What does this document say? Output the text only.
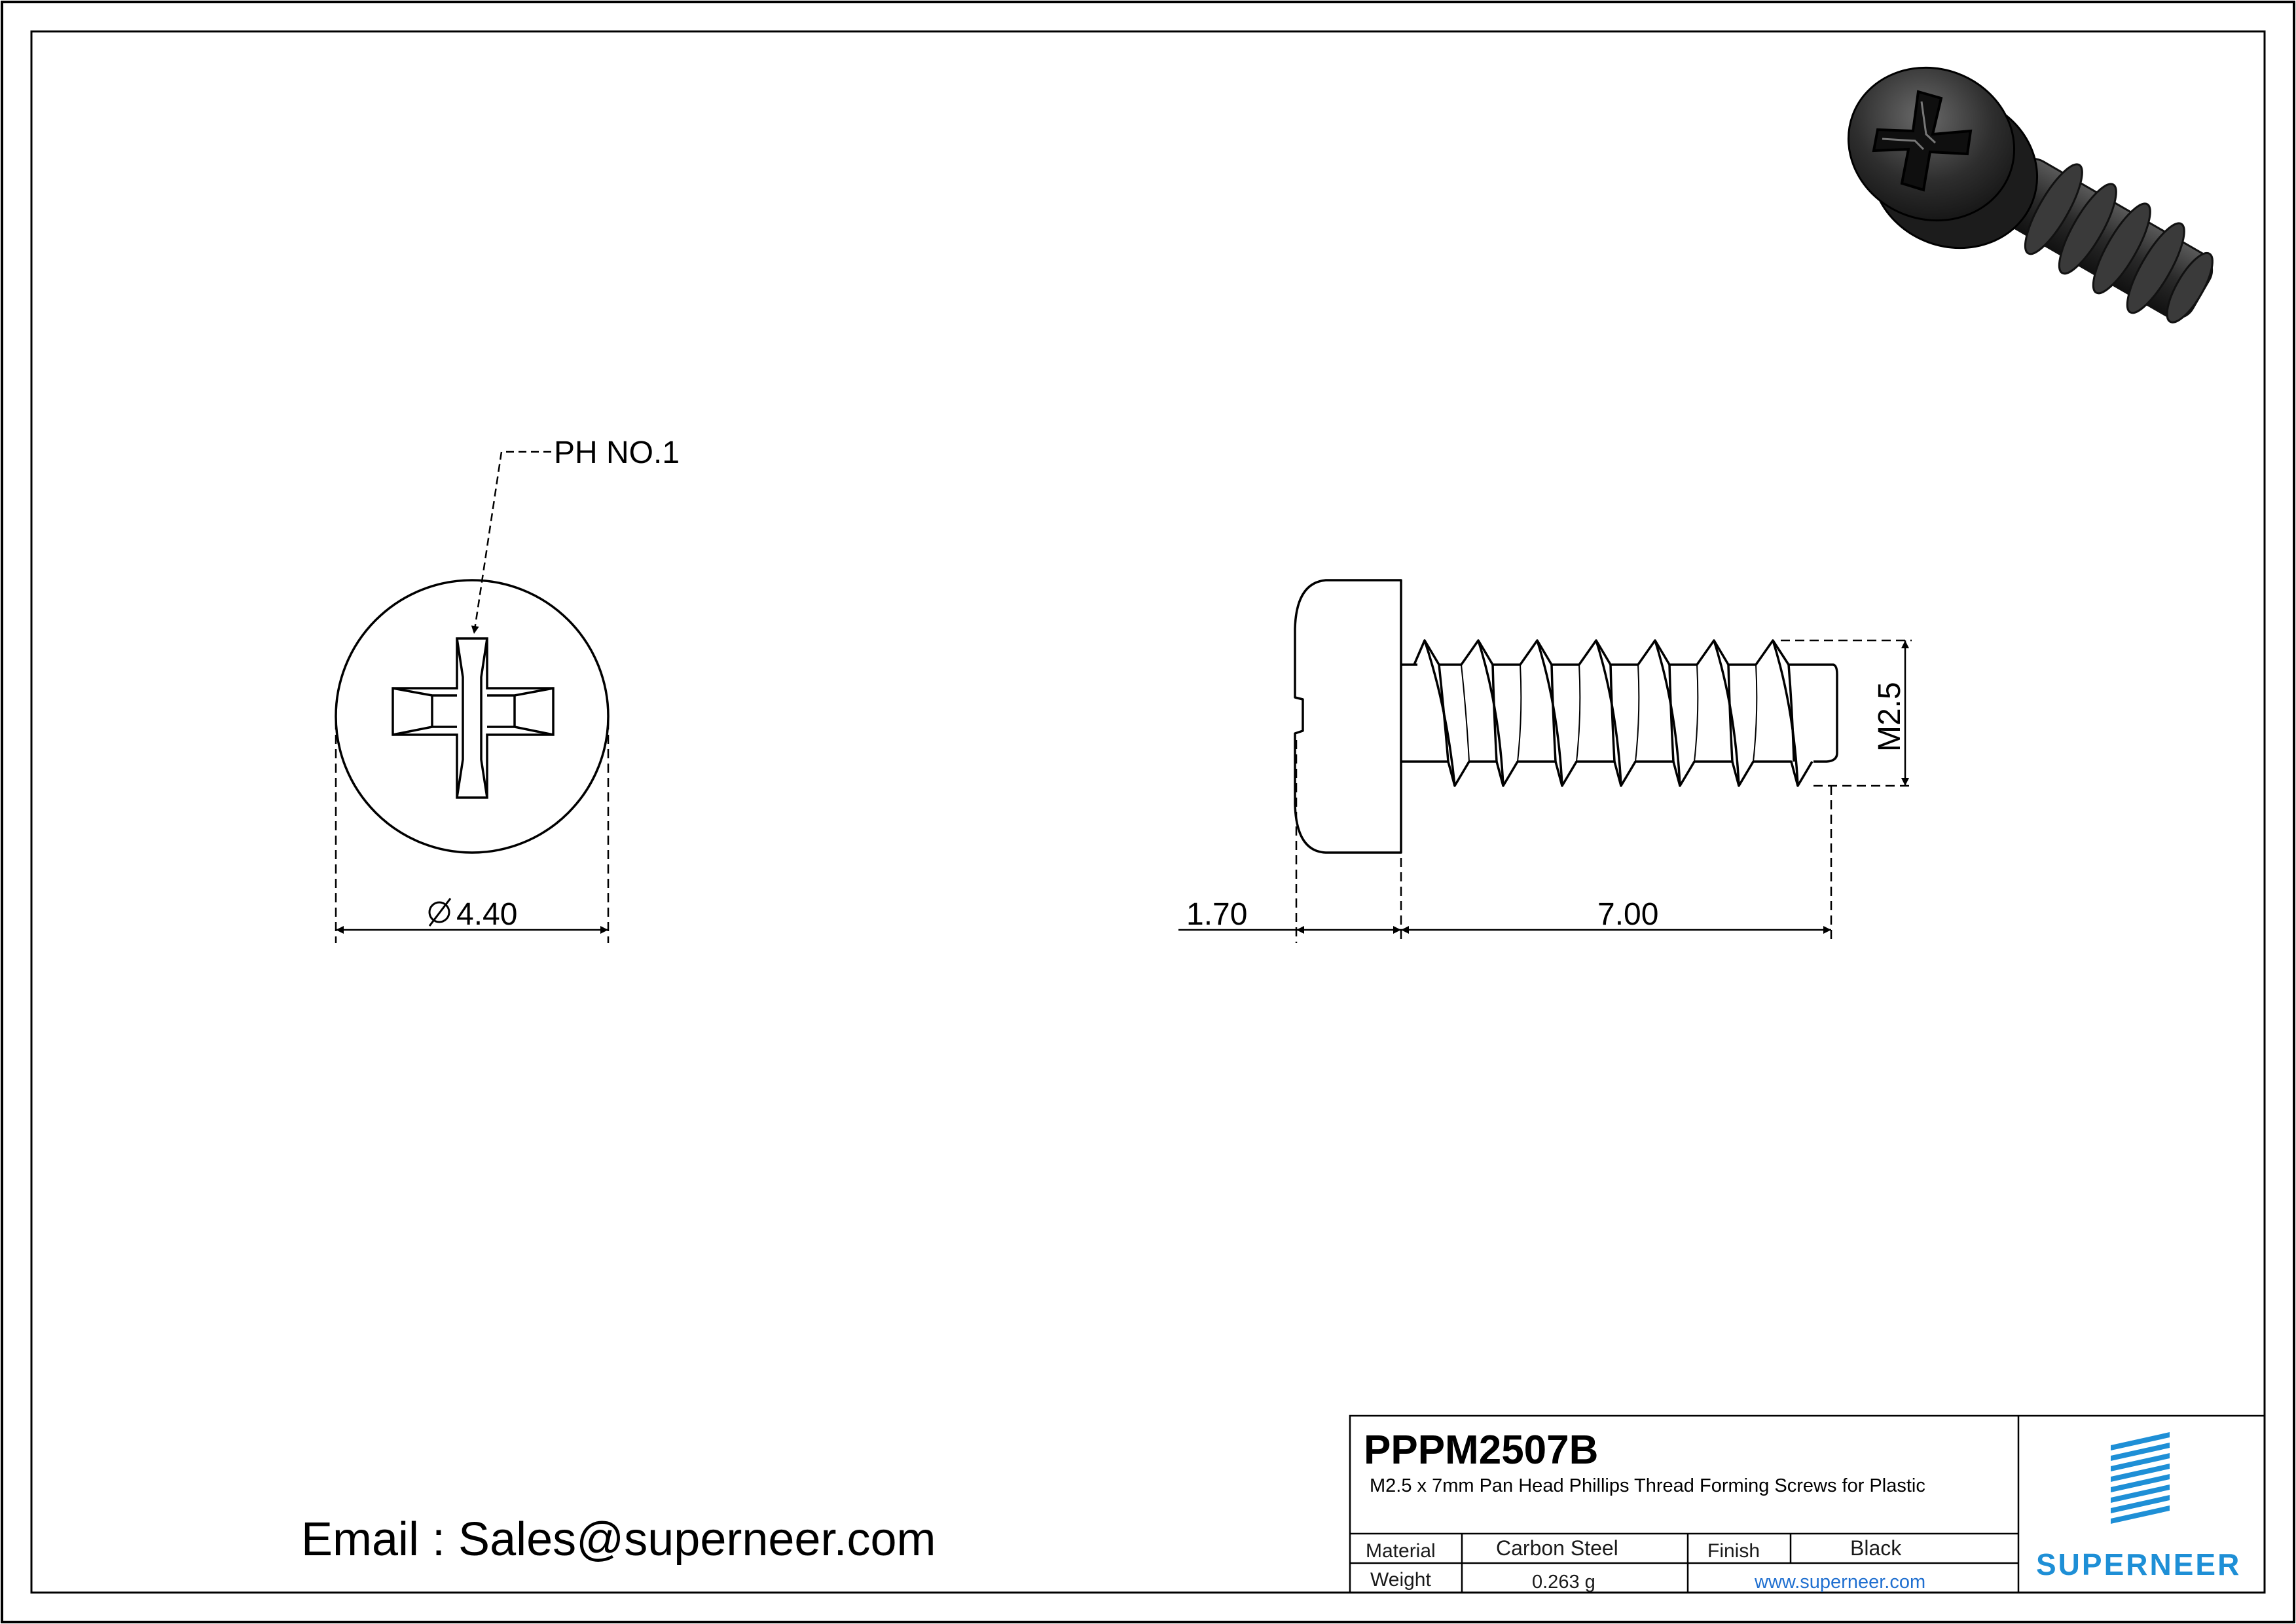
PH NO.1
4.40	1.70	7.00
M2.5
PPPM2507B
M2.5 x 7mm Pan Head Phillips Thread Forming Screws for Plastic
Material	Carbon Steel	Finish	Black
Weight	0.263 g	www.superneer.com
SUPERNEER
Email : Sales@superneer.com
